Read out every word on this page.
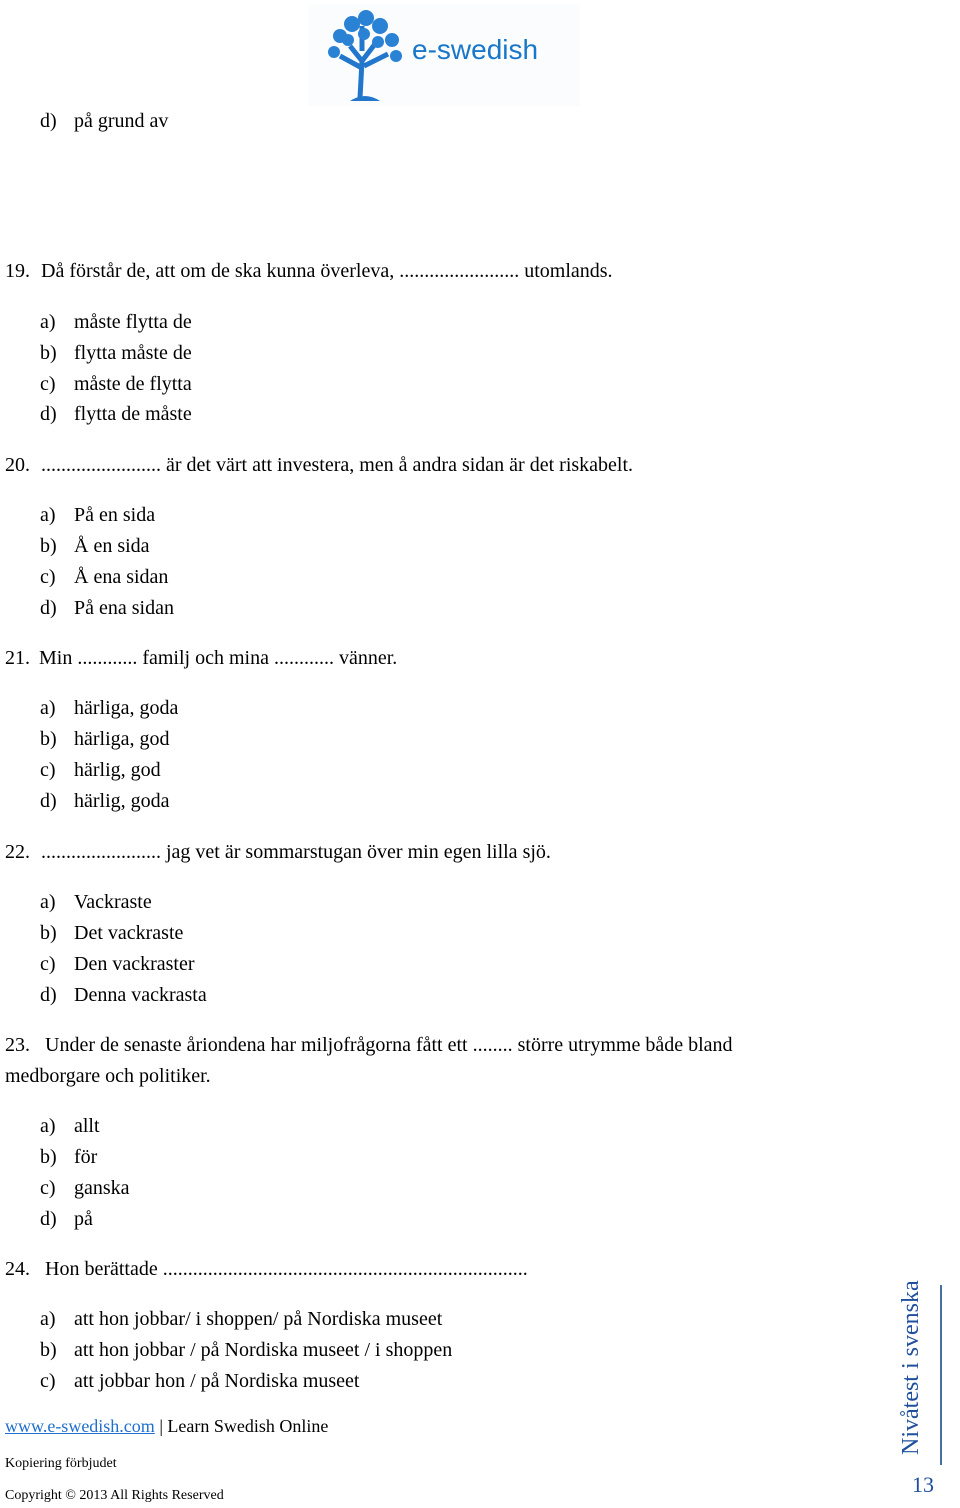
e-swedish
d) på grund av
19. Då förstår de, att om de ska kunna överleva, ........................ utomlands.
a) måste flytta de
b) flytta måste de
c) måste de flytta
d) flytta de måste
20. ........................ är det värt att investera, men å andra sidan är det riskabelt.
a) På en sida
b) Å en sida
c) Å ena sidan
d) På ena sidan
21. Min ............ familj och mina ............ vänner.
a) härliga, goda
b) härliga, god
c) härlig, god
d) härlig, goda
22. ........................ jag vet är sommarstugan över min egen lilla sjö.
a) Vackraste
b) Det vackraste
c) Den vackraster
d) Denna vackrasta
23. Under de senaste åriondena har miljofrågorna fått ett ........ större utrymme både bland
medborgare och politiker.
a) allt
b) för
c) ganska
d) på
24. Hon berättade .........................................................................
a) att hon jobbar/ i shoppen/ på Nordiska museet
b) att hon jobbar / på Nordiska museet / i shoppen
c) att jobbar hon / på Nordiska museet
www.e-swedish.com | Learn Swedish Online
Kopiering förbjudet
Copyright © 2013 All Rights Reserved
Nivåtest i svenska
13
